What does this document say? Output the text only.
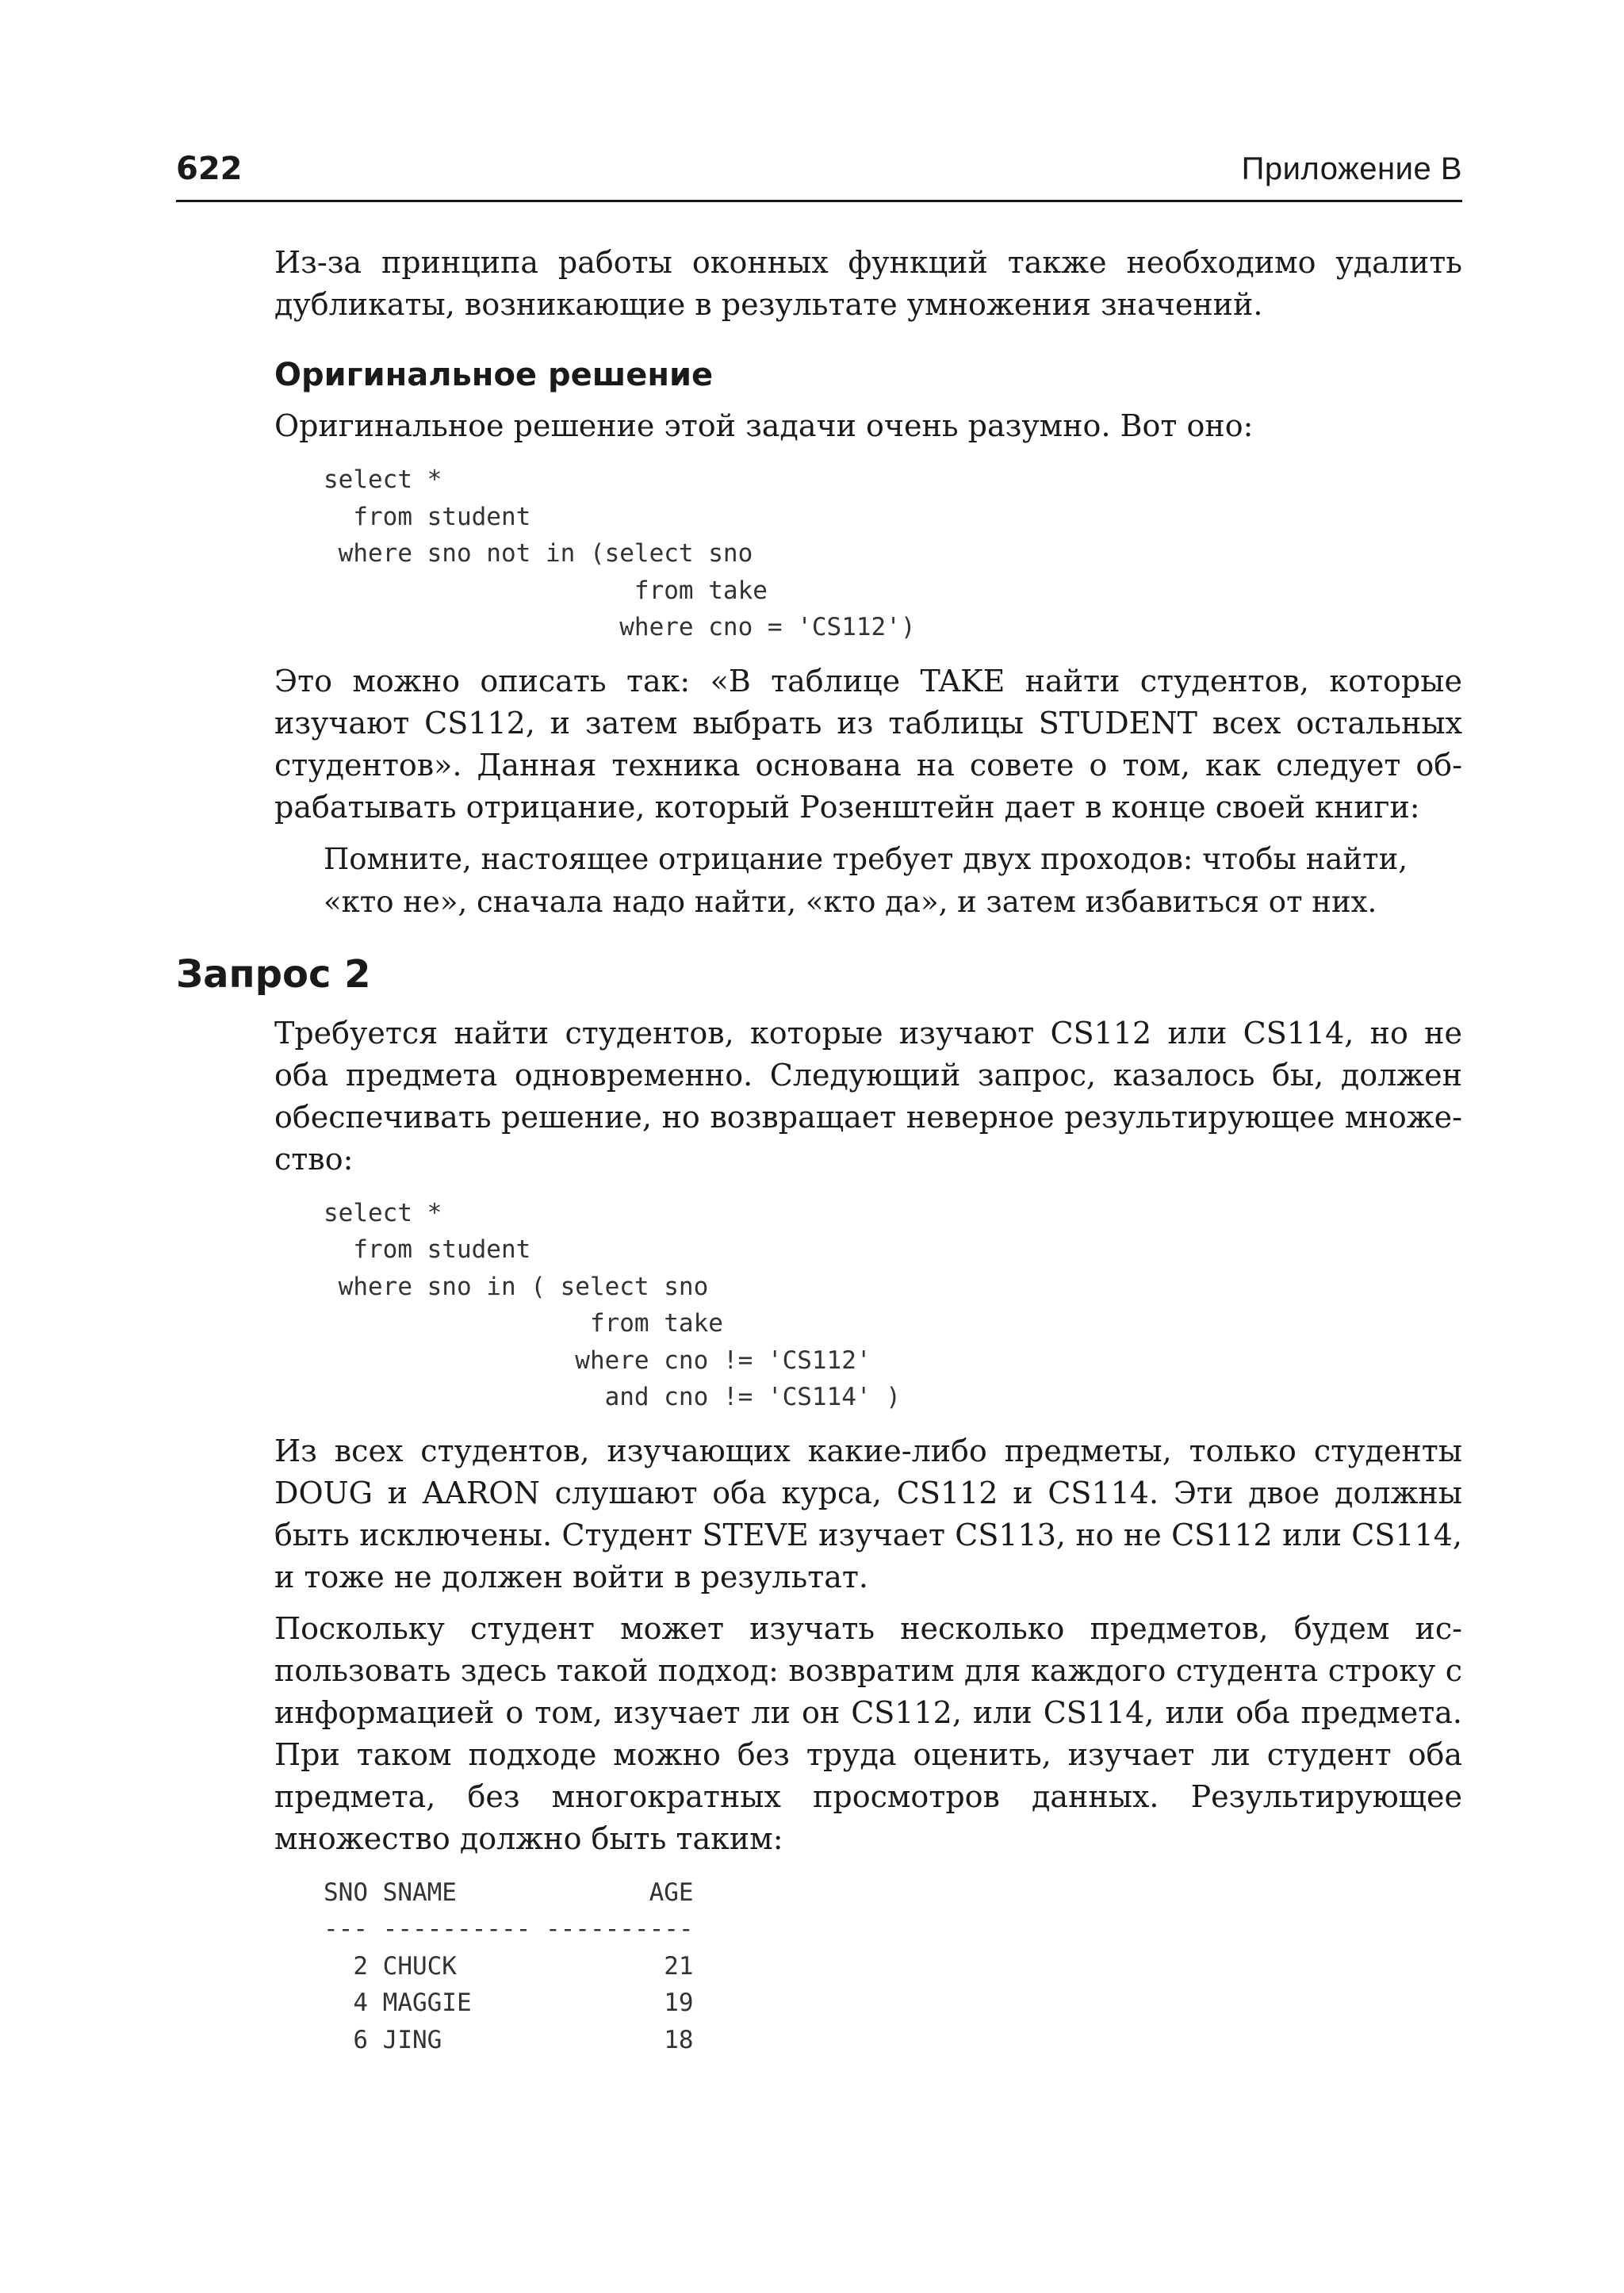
622	Приложение B

Из-за принципа работы оконных функций также необходимо удалить дубликаты, возникающие в результате умножения значений.

Оригинальное решение

Оригинальное решение этой задачи очень разумно. Вот оно:

select *
from student
where sno not in (select sno
from take
where cno = 'CS112')

Это можно описать так: «В таблице TAKE найти студентов, которые изучают CS112, и затем выбрать из таблицы STUDENT всех остальных студентов». Данная техника основана на совете о том, как следует обрабатывать отрицание, который Розенштейн дает в конце своей книги:

Помните, настоящее отрицание требует двух проходов: чтобы найти, «кто не», сначала надо найти, «кто да», и затем избавиться от них.
Запрос 2

Требуется найти студентов, которые изучают CS112 или CS114, но не оба предмета одновременно. Следующий запрос, казалось бы, должен обеспечивать решение, но возвращает неверное результирующее множество:

select *
from student
where sno in ( select sno
from take
where cno != 'CS112'
and cno != 'CS114' )

Из всех студентов, изучающих какие-либо предметы, только студенты DOUG и AARON слушают оба курса, CS112 и CS114. Эти двое должны быть исключены. Студент STEVE изучает CS113, но не CS112 или CS114, и тоже не должен войти в результат.

Поскольку студент может изучать несколько предметов, будем использовать здесь такой подход: возвратим для каждого студента строку с информацией о том, изучает ли он CS112, или CS114, или оба предмета. При таком подходе можно без труда оценить, изучает ли студент оба предмета, без многократных просмотров данных. Результирующее множество должно быть таким:

SNO SNAME             AGE
--- ---------- ----------
2 CHUCK              21
4 MAGGIE             19
6 JING               18
